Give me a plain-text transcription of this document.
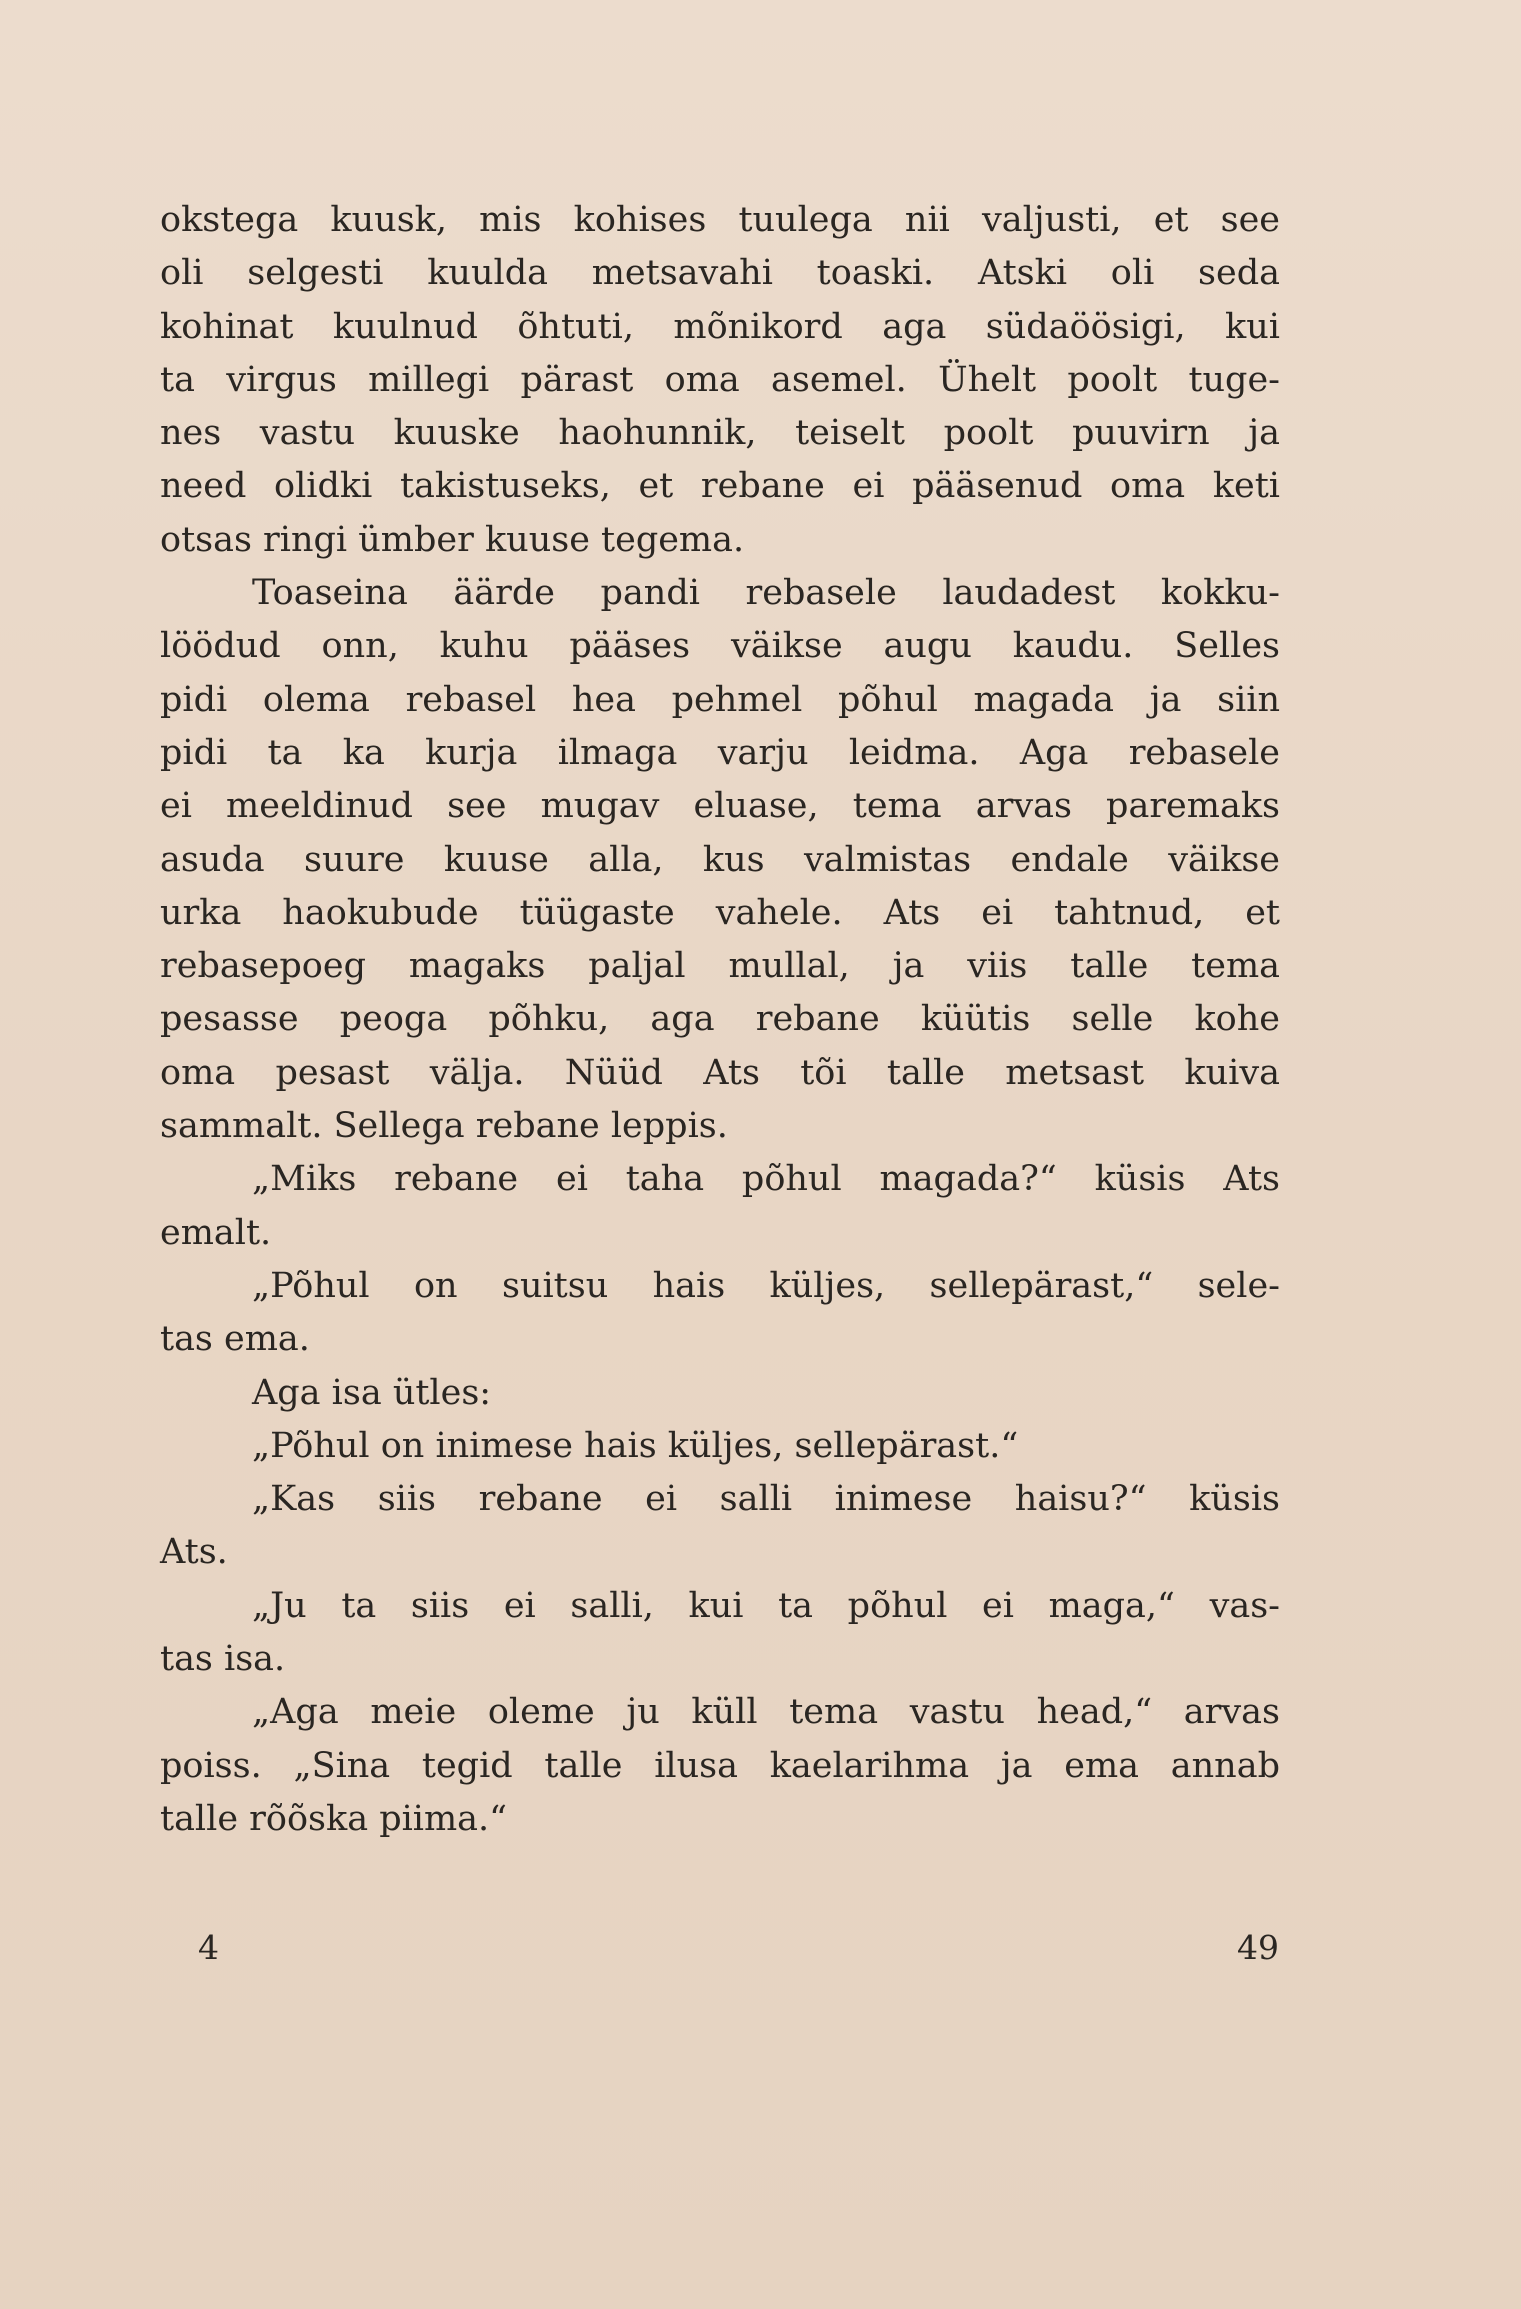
okstega kuusk, mis kohises tuulega nii valjusti, et see
oli selgesti kuulda metsavahi toaski. Atski oli seda
kohinat kuulnud õhtuti, mõnikord aga südaöösigi, kui
ta virgus millegi pärast oma asemel. Ühelt poolt tuge-
nes vastu kuuske haohunnik, teiselt poolt puuvirn ja
need olidki takistuseks, et rebane ei pääsenud oma keti
otsas ringi ümber kuuse tegema.
Toaseina äärde pandi rebasele laudadest kokku-
löödud onn, kuhu pääses väikse augu kaudu. Selles
pidi olema rebasel hea pehmel põhul magada ja siin
pidi ta ka kurja ilmaga varju leidma. Aga rebasele
ei meeldinud see mugav eluase, tema arvas paremaks
asuda suure kuuse alla, kus valmistas endale väikse
urka haokubude tüügaste vahele. Ats ei tahtnud, et
rebasepoeg magaks paljal mullal, ja viis talle tema
pesasse peoga põhku, aga rebane küütis selle kohe
oma pesast välja. Nüüd Ats tõi talle metsast kuiva
sammalt. Sellega rebane leppis.
„Miks rebane ei taha põhul magada?“ küsis Ats
emalt.
„Põhul on suitsu hais küljes, sellepärast,“ sele-
tas ema.
Aga isa ütles:
„Põhul on inimese hais küljes, sellepärast.“
„Kas siis rebane ei salli inimese haisu?“ küsis
Ats.
„Ju ta siis ei salli, kui ta põhul ei maga,“ vas-
tas isa.
„Aga meie oleme ju küll tema vastu head,“ arvas
poiss. „Sina tegid talle ilusa kaelarihma ja ema annab
talle rõõska piima.“
4	49
